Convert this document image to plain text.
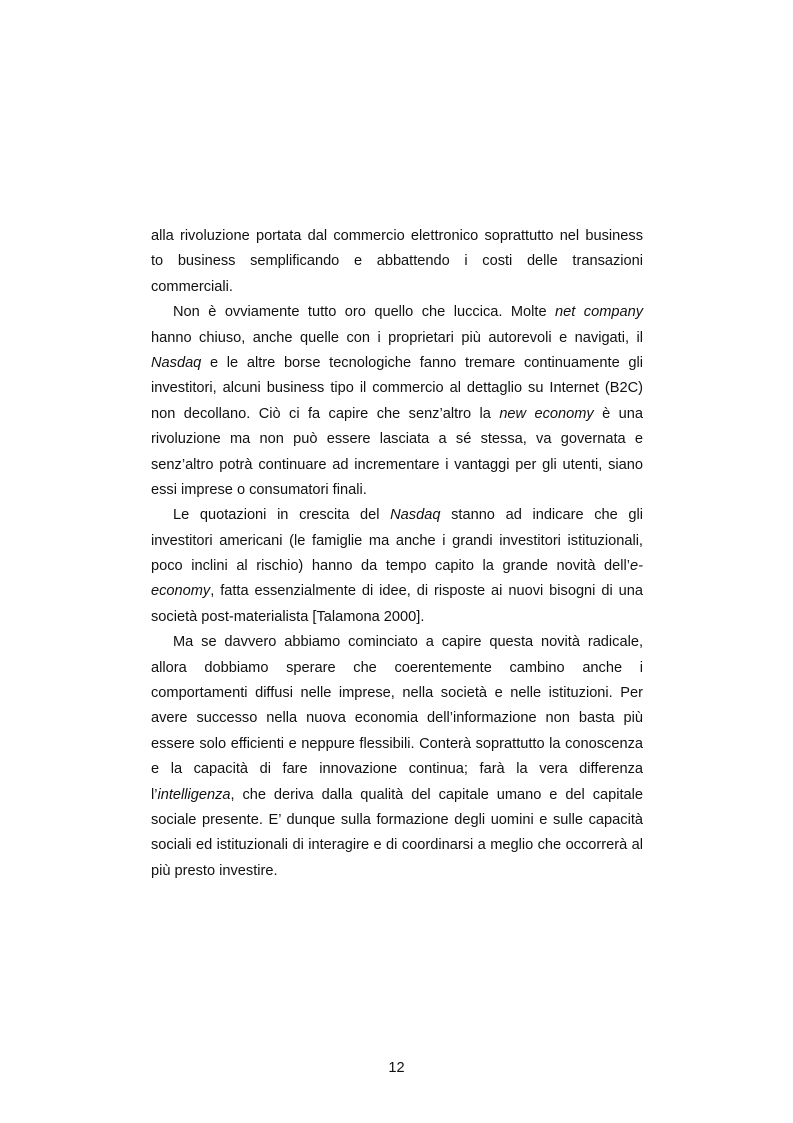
alla rivoluzione portata dal commercio elettronico soprattutto nel business
to business semplificando e abbattendo i costi delle transazioni
commerciali.
Non è ovviamente tutto oro quello che luccica. Molte net company
hanno chiuso, anche quelle con i proprietari più autorevoli e navigati, il
Nasdaq e le altre borse tecnologiche fanno tremare continuamente gli
investitori, alcuni business tipo il commercio al dettaglio su Internet (B2C)
non decollano. Ciò ci fa capire che senz’altro la new economy è una
rivoluzione ma non può essere lasciata a sé stessa, va governata e
senz’altro potrà continuare ad incrementare i vantaggi per gli utenti, siano
essi imprese o consumatori finali.
Le quotazioni in crescita del Nasdaq stanno ad indicare che gli
investitori americani (le famiglie ma anche i grandi investitori istituzionali,
poco inclini al rischio) hanno da tempo capito la grande novità dell’e-
economy, fatta essenzialmente di idee, di risposte ai nuovi bisogni di una
società post-materialista [Talamona 2000].
Ma se davvero abbiamo cominciato a capire questa novità radicale,
allora dobbiamo sperare che coerentemente cambino anche i
comportamenti diffusi nelle imprese, nella società e nelle istituzioni. Per
avere successo nella nuova economia dell’informazione non basta più
essere solo efficienti e neppure flessibili. Conterà soprattutto la conoscenza
e la capacità di fare innovazione continua; farà la vera differenza
l’intelligenza, che deriva dalla qualità del capitale umano e del capitale
sociale presente. E’ dunque sulla formazione degli uomini e sulle capacità
sociali ed istituzionali di interagire e di coordinarsi a meglio che occorrerà al
più presto investire.
12
